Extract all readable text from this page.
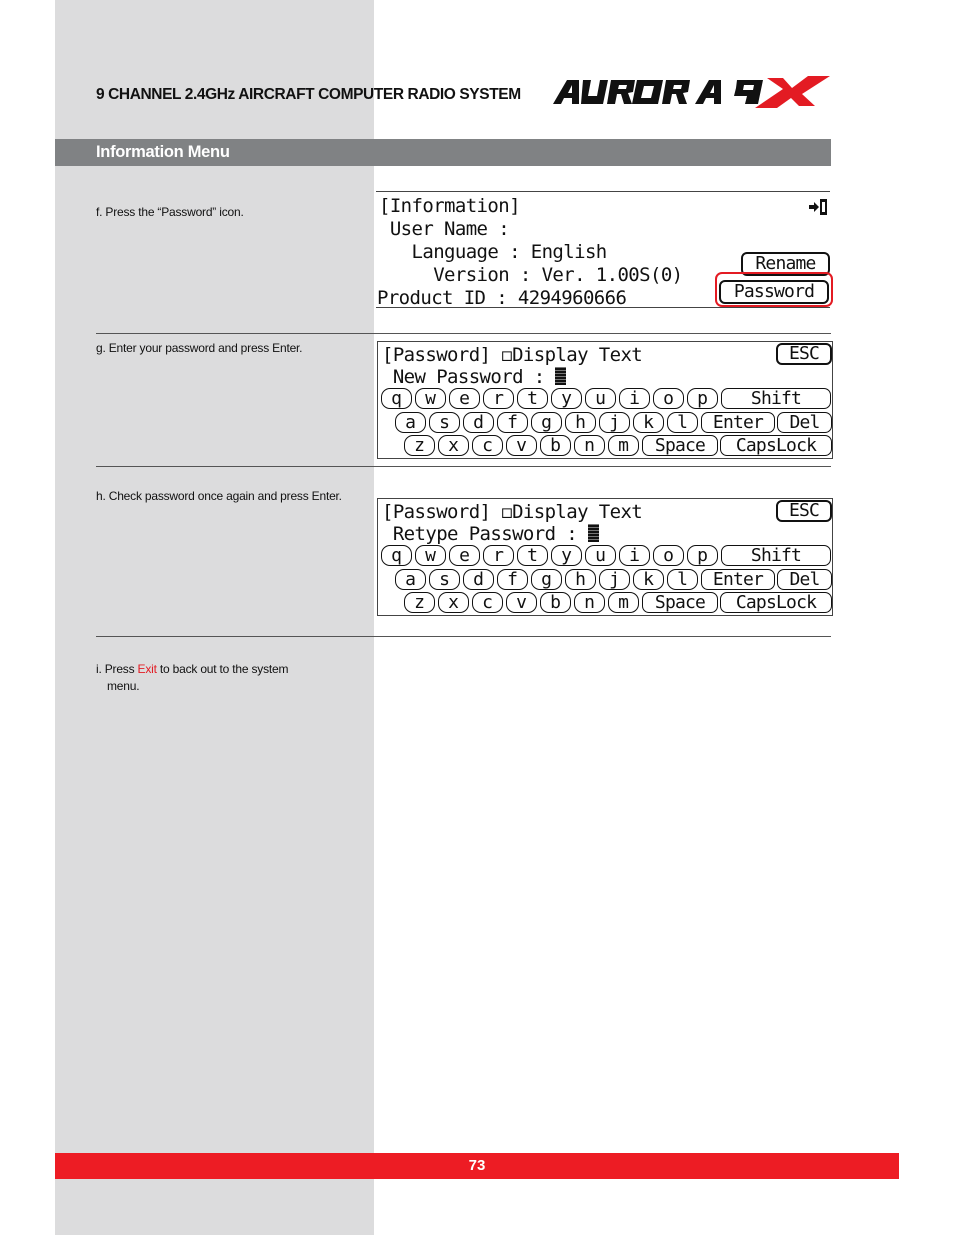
9 CHANNEL 2.4GHz AIRCRAFT COMPUTER RADIO SYSTEM
Information Menu
f. Press the “Password” icon.	[Information]
User Name :
Language : English
Version : Ver. 1.00S(0)
Product ID : 4294960666
Rename
Password
g. Enter your password and press Enter.	[Password] ◻Display Text	ESC
New Password :
q w e r t y u i o p Shift
a s d f g h j k l Enter Del
z x c v b n m Space CapsLock
h. Check password once again and press Enter.
[Password] ◻Display Text	ESC
Retype Password :
q w e r t y u i o p Shift
a s d f g h j k l Enter Del
z x c v b n m Space CapsLock
i. Press Exit to back out to the system
menu.
73
